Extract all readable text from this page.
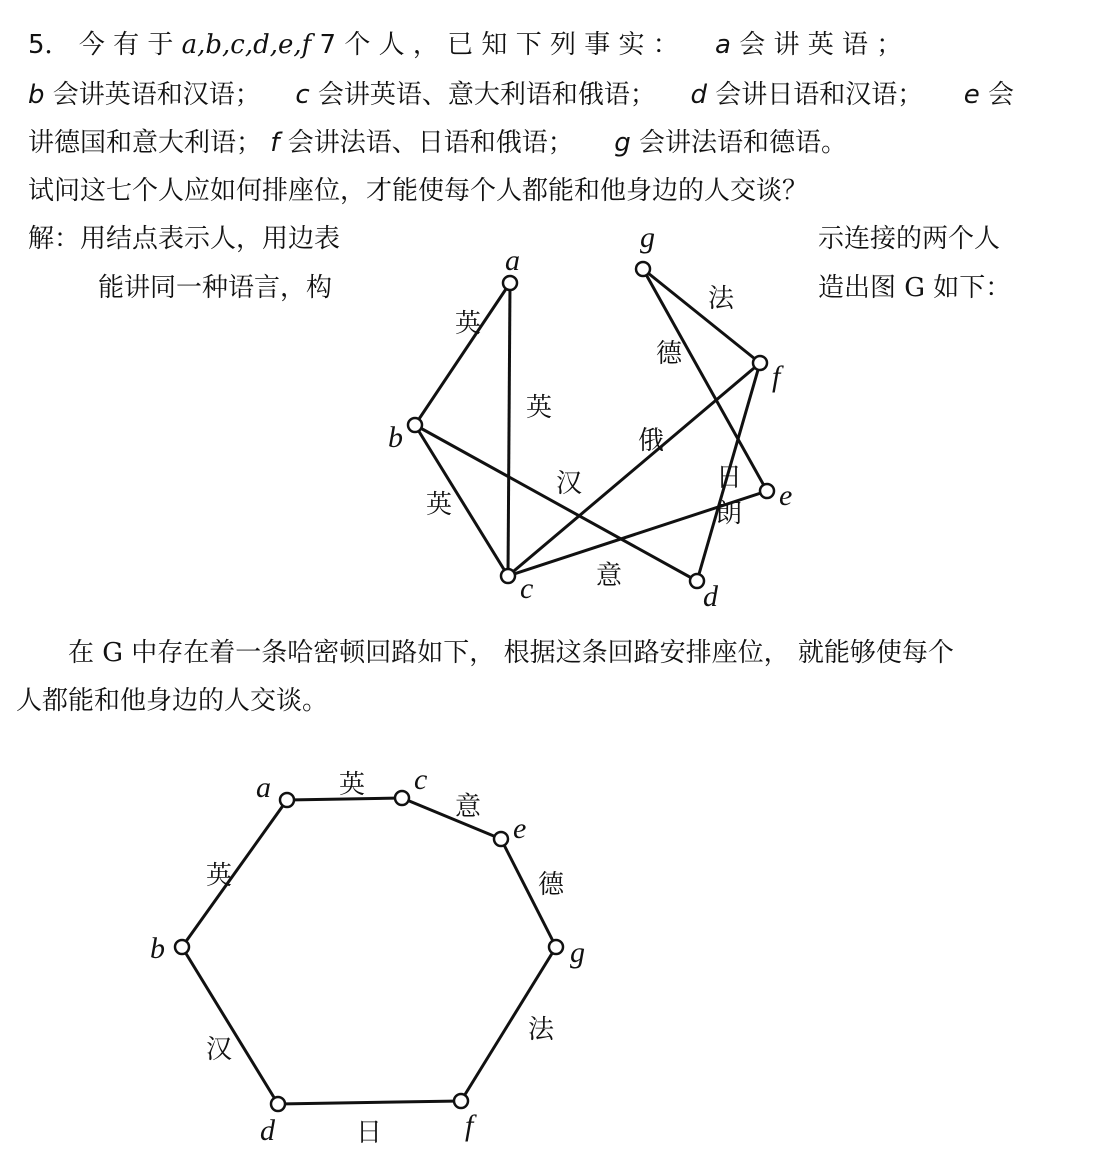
5． 今 有 于 a,b,c,d,e,f 7 个 人 ， 已 知 下 列 事 实 ： a 会 讲 英 语 ；
b 会讲英语和汉语； c 会讲英语、意大利语和俄语； d 会讲日语和汉语； e 会
讲德国和意大利语； f 会讲法语、日语和俄语； g 会讲法语和德语。
试问这七个人应如何排座位，才能使每个人都能和他身边的人交谈？
解：用结点表示人，用边表
能讲同一种语言，构
示连接的两个人
造出图 G 如下：
在 G 中存在着一条哈密顿回路如下， 根据这条回路安排座位， 就能够使每个
人都能和他身边的人交谈。
英
英
英
汉
意
俄
日
朗
德
法
a
b
c	d
e
f
g
英
意
德
法
日
汉
英
a	c
e
g
f
d
b
